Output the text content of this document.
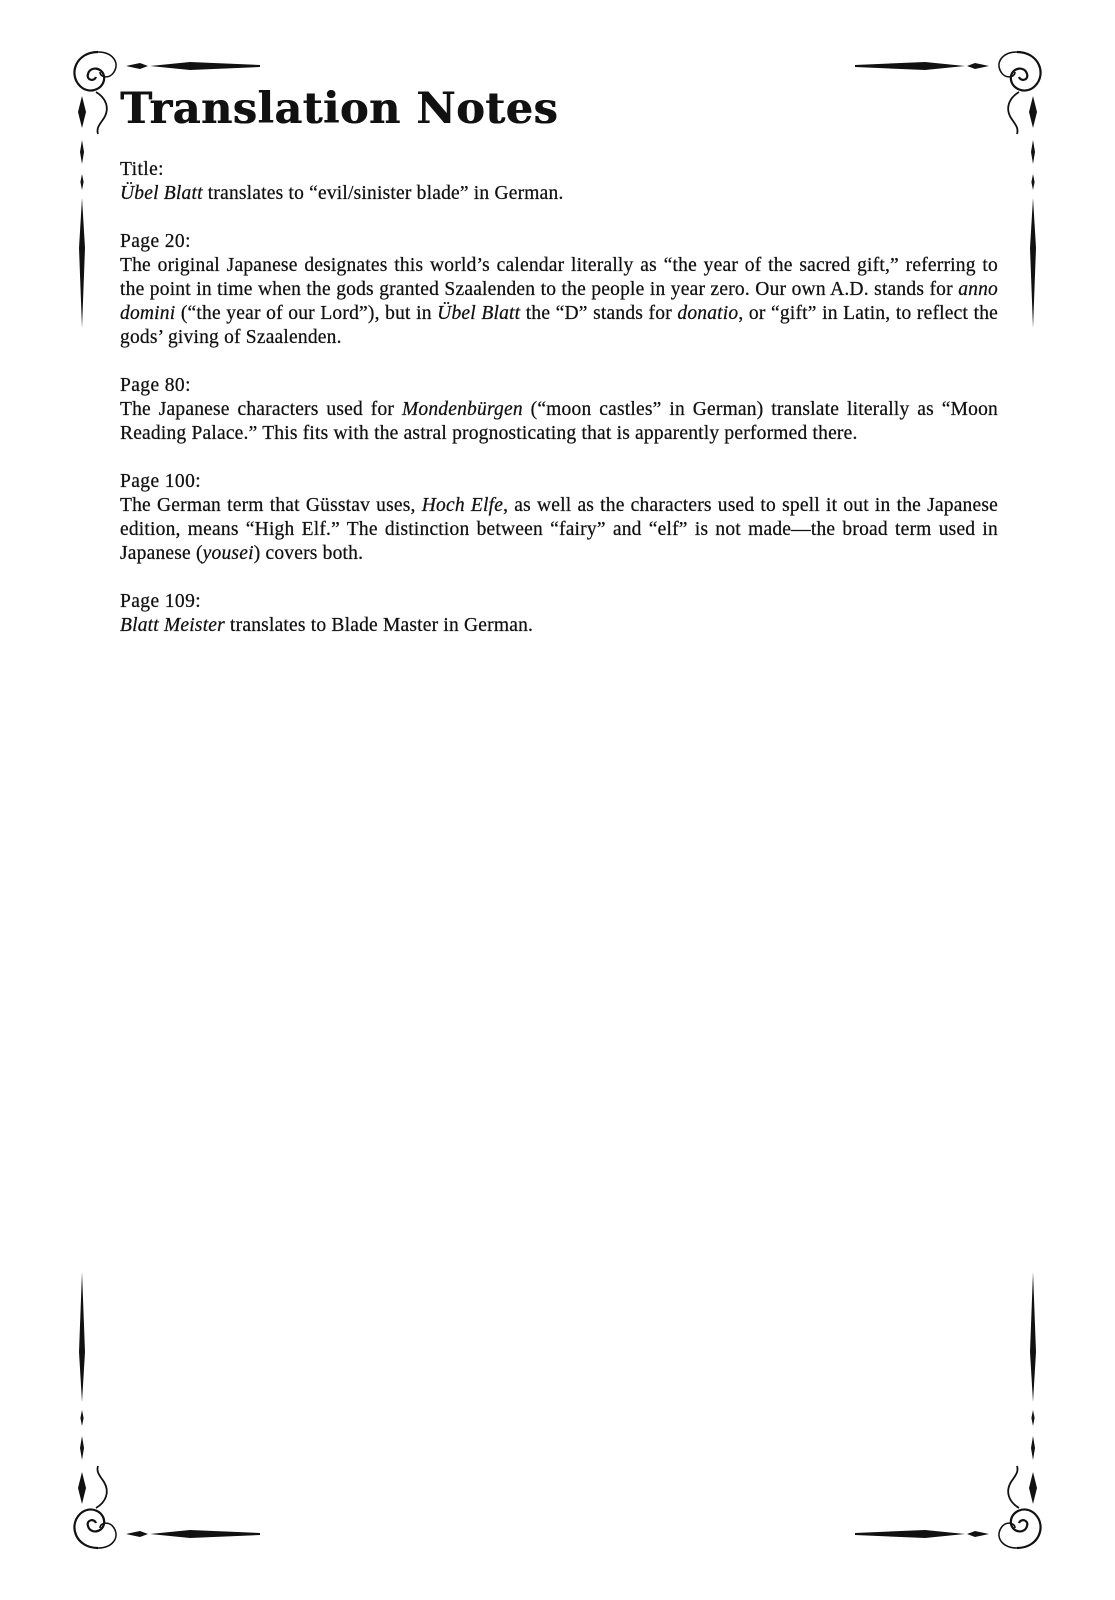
Translation Notes

Title:

Übel Blatt translates to “evil/sinister blade” in German.

Page 20:

The original Japanese designates this world’s calendar literally as “the year of the sacred gift,” referring to the point in time when the gods granted Szaalenden to the people in year zero. Our own A.D. stands for anno domini (“the year of our Lord”), but in Übel Blatt the “D” stands for donatio, or “gift” in Latin, to reflect the gods’ giving of Szaalenden.

Page 80:

The Japanese characters used for Mondenbürgen (“moon castles” in German) translate literally as “Moon Reading Palace.” This fits with the astral prognosticating that is apparently performed there.

Page 100:

The German term that Güsstav uses, Hoch Elfe, as well as the characters used to spell it out in the Japanese edition, means “High Elf.” The distinction between “fairy” and “elf” is not made—the broad term used in Japanese (yousei) covers both.

Page 109:

Blatt Meister translates to Blade Master in German.
